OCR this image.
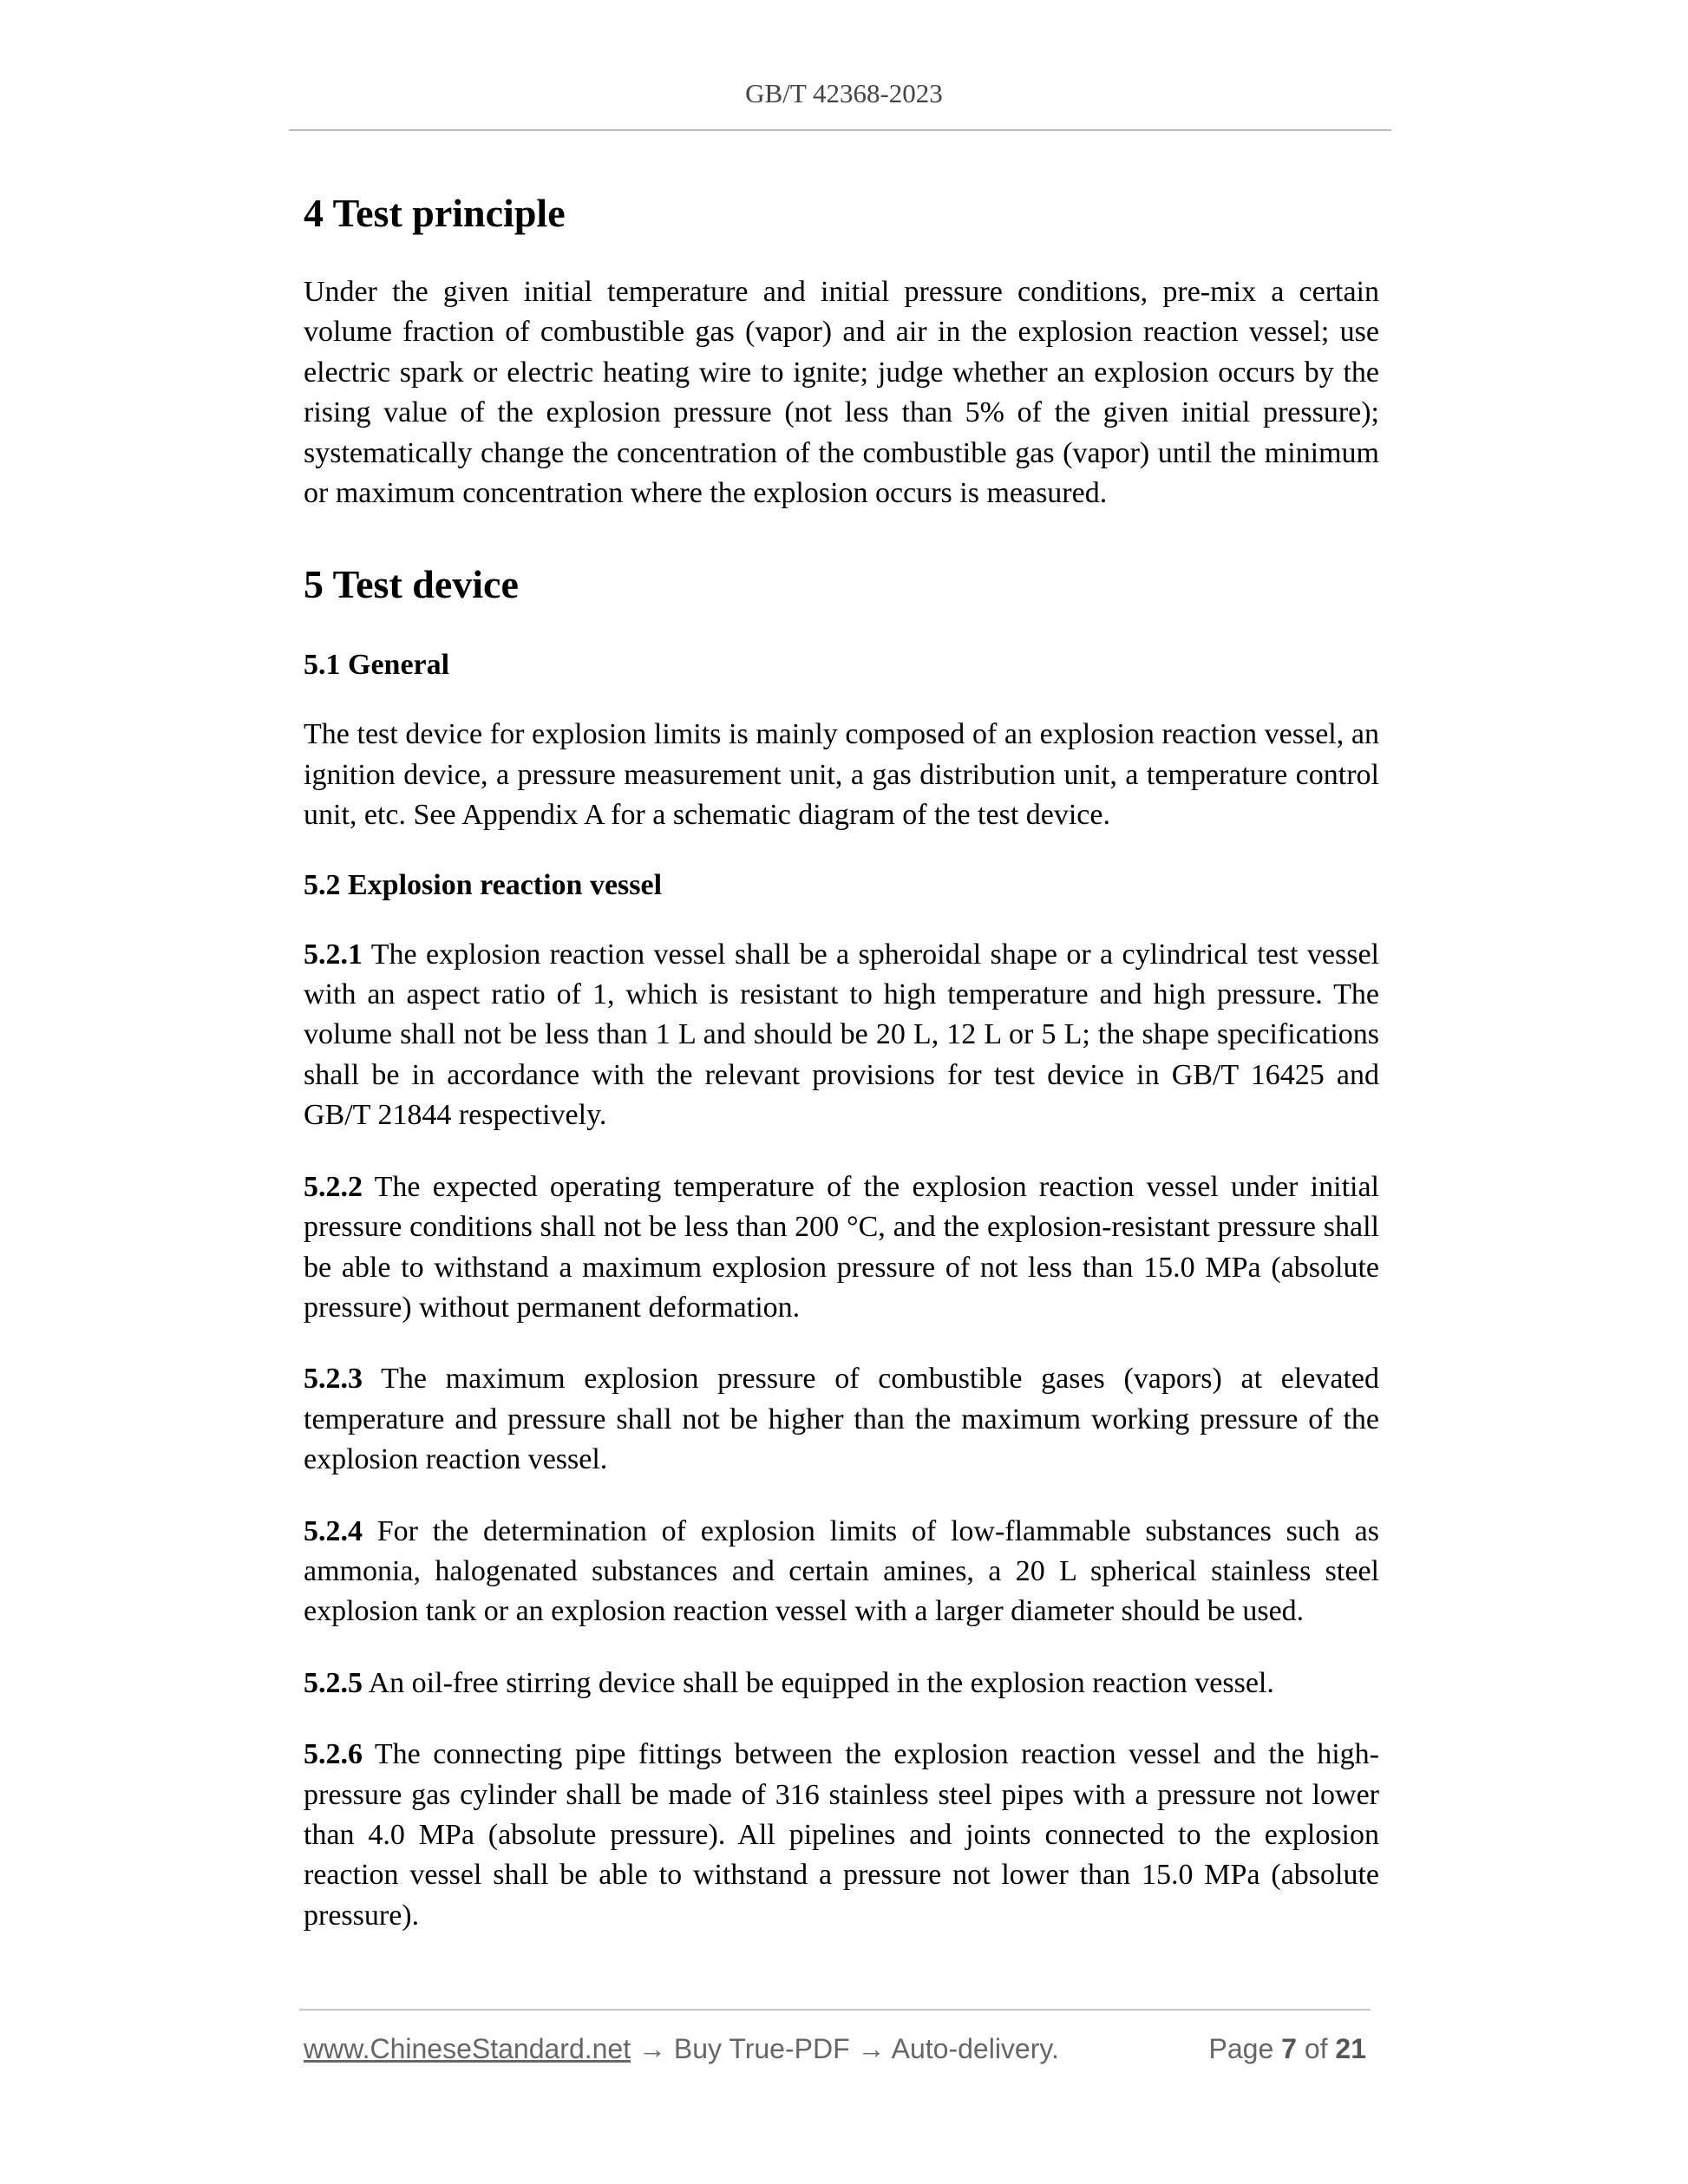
GB/T 42368-2023
4 Test principle

Under the given initial temperature and initial pressure conditions, pre-mix a certain volume fraction of combustible gas (vapor) and air in the explosion reaction vessel; use electric spark or electric heating wire to ignite; judge whether an explosion occurs by the rising value of the explosion pressure (not less than 5% of the given initial pressure); systematically change the concentration of the combustible gas (vapor) until the minimum or maximum concentration where the explosion occurs is measured.

5 Test device
5.1 General

The test device for explosion limits is mainly composed of an explosion reaction vessel, an ignition device, a pressure measurement unit, a gas distribution unit, a temperature control unit, etc. See Appendix A for a schematic diagram of the test device.

5.2 Explosion reaction vessel

5.2.1 The explosion reaction vessel shall be a spheroidal shape or a cylindrical test vessel with an aspect ratio of 1, which is resistant to high temperature and high pressure. The volume shall not be less than 1 L and should be 20 L, 12 L or 5 L; the shape specifications shall be in accordance with the relevant provisions for test device in GB/T 16425 and GB/T 21844 respectively.

5.2.2 The expected operating temperature of the explosion reaction vessel under initial pressure conditions shall not be less than 200 °C, and the explosion-resistant pressure shall be able to withstand a maximum explosion pressure of not less than 15.0 MPa (absolute pressure) without permanent deformation.

5.2.3 The maximum explosion pressure of combustible gases (vapors) at elevated temperature and pressure shall not be higher than the maximum working pressure of the explosion reaction vessel.

5.2.4 For the determination of explosion limits of low-flammable substances such as ammonia, halogenated substances and certain amines, a 20 L spherical stainless steel explosion tank or an explosion reaction vessel with a larger diameter should be used.

5.2.5 An oil-free stirring device shall be equipped in the explosion reaction vessel.

5.2.6 The connecting pipe fittings between the explosion reaction vessel and the high-pressure gas cylinder shall be made of 316 stainless steel pipes with a pressure not lower than 4.0 MPa (absolute pressure). All pipelines and joints connected to the explosion reaction vessel shall be able to withstand a pressure not lower than 15.0 MPa (absolute pressure).

www.ChineseStandard.net → Buy True-PDF → Auto-delivery.	Page 7 of 21
